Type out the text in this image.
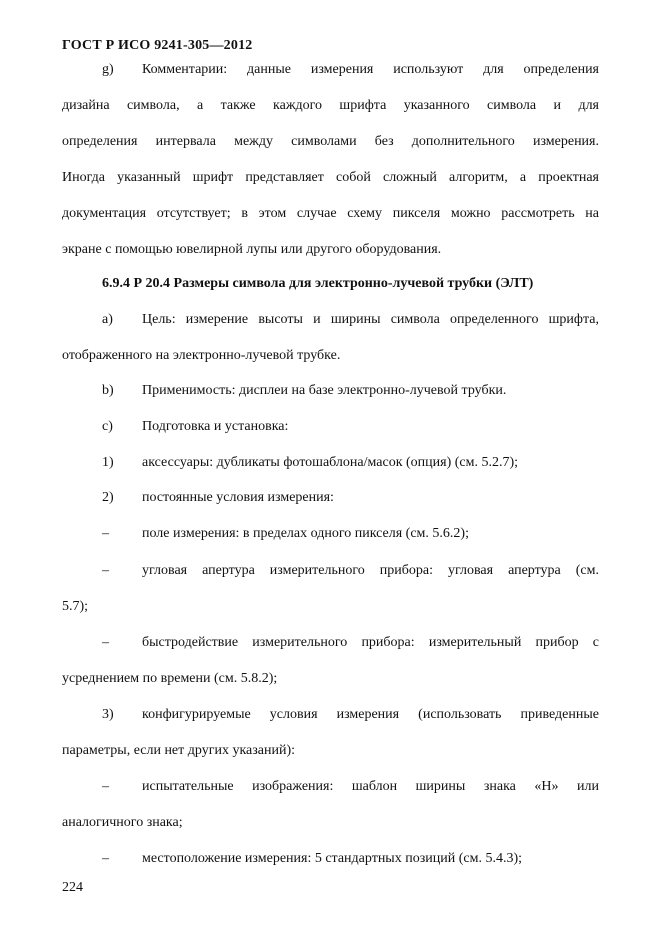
ГОСТ Р ИСО 9241-305—2012
g)	Комментарии: данные измерения используют для определения
дизайна символа, а также каждого шрифта указанного символа и для
определения интервала между символами без дополнительного измерения.
Иногда указанный шрифт представляет собой сложный алгоритм, а проектная
документация отсутствует; в этом случае схему пикселя можно рассмотреть на
экране с помощью ювелирной лупы или другого оборудования.
6.9.4 Р 20.4 Размеры символа для электронно-лучевой трубки (ЭЛТ)
a)	Цель: измерение высоты и ширины символа определенного шрифта,
отображенного на электронно-лучевой трубке.
b)	Применимость: дисплеи на базе электронно-лучевой трубки.
c)	Подготовка и установка:
1)	аксессуары: дубликаты фотошаблона/масок (опция) (см. 5.2.7);
2)	постоянные условия измерения:
–	поле измерения: в пределах одного пикселя (см. 5.6.2);
–	угловая апертура измерительного прибора: угловая апертура (см.
5.7);
–	быстродействие измерительного прибора: измерительный прибор с
усреднением по времени (см. 5.8.2);
3)	конфигурируемые условия измерения (использовать приведенные
параметры, если нет других указаний):
–	испытательные изображения: шаблон ширины знака «Н» или
аналогичного знака;
–	местоположение измерения: 5 стандартных позиций (см. 5.4.3);
224
